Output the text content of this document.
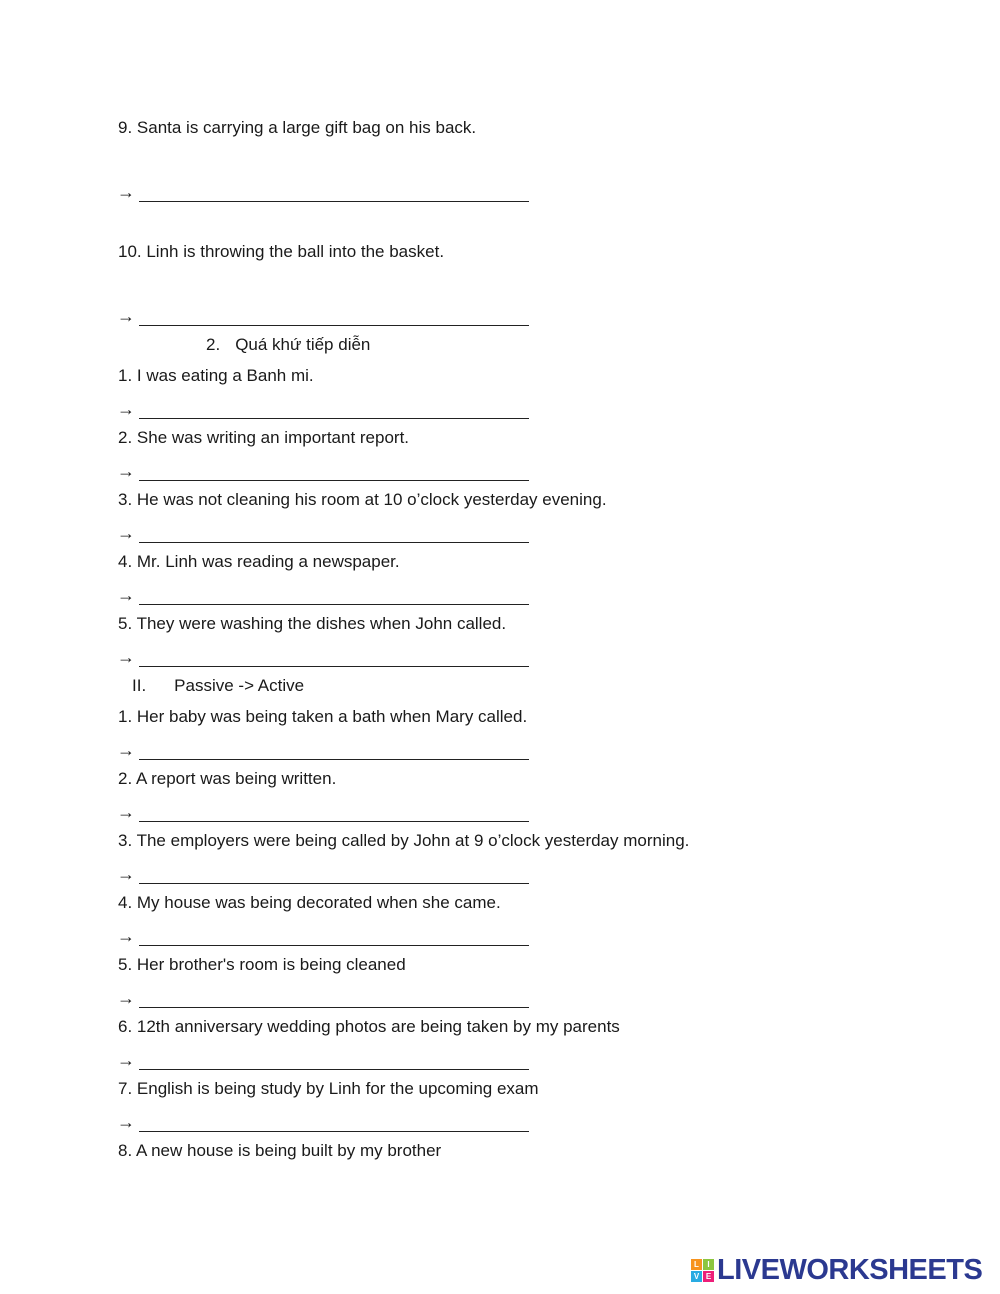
9. Santa is carrying a large gift bag on his back.
→
10. Linh is throwing the ball into the basket.
→
2. Quá khứ tiếp diễn
1. I was eating a Banh mi.
→
2. She was writing an important report.
→
3. He was not cleaning his room at 10 o’clock yesterday evening.
→
4. Mr. Linh was reading a newspaper.
→
5. They were washing the dishes when John called.
→
II. Passive -> Active
1. Her baby was being taken a bath when Mary called.
→
2. A report was being written.
→
3. The employers were being called by John at 9 o’clock yesterday morning.
→
4. My house was being decorated when she came.
→
5. Her brother's room is being cleaned
→
6. 12th anniversary wedding photos are being taken by my parents
→
7. English is being study by Linh for the upcoming exam
→
8. A new house is being built by my brother
L	I
V E LIVEWORKSHEETS
